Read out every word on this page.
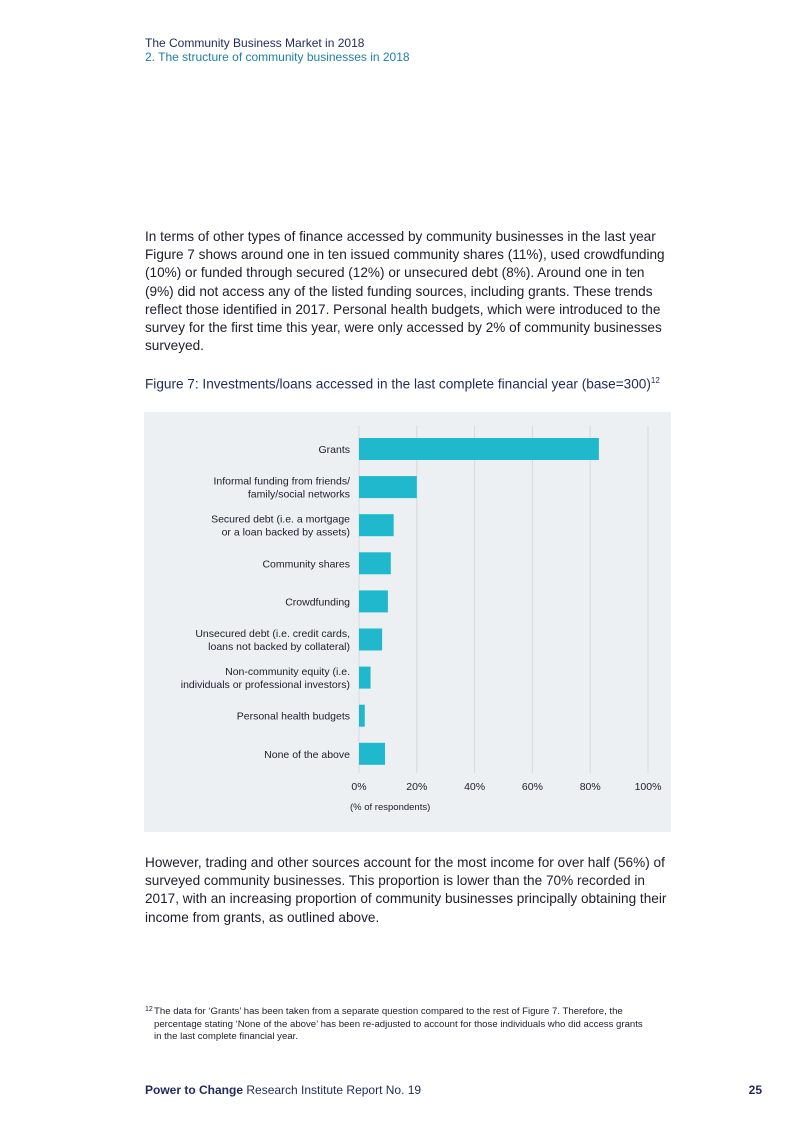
The Community Business Market in 2018
2. The structure of community businesses in 2018

In terms of other types of finance accessed by community businesses in the last year Figure 7 shows around one in ten issued community shares (11%), used crowdfunding (10%) or funded through secured (12%) or unsecured debt (8%). Around one in ten (9%) did not access any of the listed funding sources, including grants. These trends reflect those identified in 2017. Personal health budgets, which were introduced to the survey for the first time this year, were only accessed by 2% of community businesses surveyed.

Figure 7: Investments/loans accessed in the last complete financial year (base=300)$^{12}$
Grants
Informal funding from friends/ family/social networks
Secured debt (i.e. a mortgage or a loan backed by assets)
Community shares
Crowdfunding
Unsecured debt (i.e. credit cards, loans not backed by collateral)
Non-community equity (i.e. individuals or professional investors)
Personal health budgets
None of the above
0%	20%	40%	60%	80%	100%
(% of respondents)

However, trading and other sources account for the most income for over half (56%) of surveyed community businesses. This proportion is lower than the 70% recorded in 2017, with an increasing proportion of community businesses principally obtaining their income from grants, as outlined above.

12 The data for ‘Grants’ has been taken from a separate question compared to the rest of Figure 7. Therefore, the percentage stating ‘None of the above’ has been re-adjusted to account for those individuals who did access grants in the last complete financial year.
Power to Change Research Institute Report No. 19	25
